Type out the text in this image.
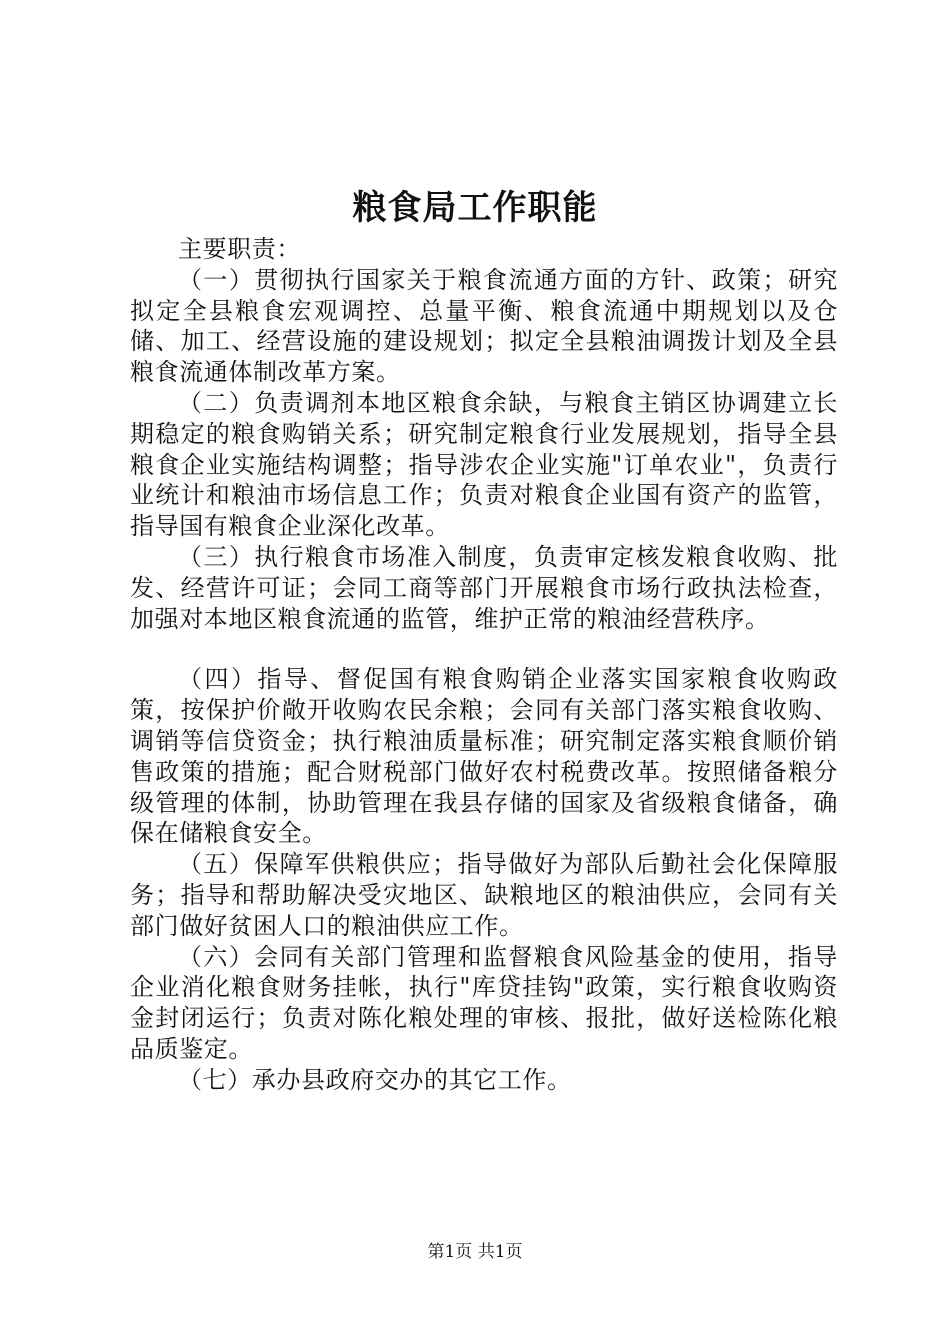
粮食局工作职能

主要职责：

（一）贯彻执行国家关于粮食流通方面的方针、政策；研究拟定全县粮食宏观调控、总量平衡、粮食流通中期规划以及仓储、加工、经营设施的建设规划；拟定全县粮油调拨计划及全县粮食流通体制改革方案。

（二）负责调剂本地区粮食余缺，与粮食主销区协调建立长期稳定的粮食购销关系；研究制定粮食行业发展规划，指导全县粮食企业实施结构调整；指导涉农企业实施"订单农业"，负责行业统计和粮油市场信息工作；负责对粮食企业国有资产的监管，指导国有粮食企业深化改革。

（三）执行粮食市场准入制度，负责审定核发粮食收购、批发、经营许可证；会同工商等部门开展粮食市场行政执法检查，加强对本地区粮食流通的监管，维护正常的粮油经营秩序。

（四）指导、督促国有粮食购销企业落实国家粮食收购政策，按保护价敞开收购农民余粮；会同有关部门落实粮食收购、调销等信贷资金；执行粮油质量标准；研究制定落实粮食顺价销售政策的措施；配合财税部门做好农村税费改革。按照储备粮分级管理的体制，协助管理在我县存储的国家及省级粮食储备，确保在储粮食安全。

（五）保障军供粮供应；指导做好为部队后勤社会化保障服务；指导和帮助解决受灾地区、缺粮地区的粮油供应，会同有关部门做好贫困人口的粮油供应工作。

（六）会同有关部门管理和监督粮食风险基金的使用，指导企业消化粮食财务挂帐，执行"库贷挂钩"政策，实行粮食收购资金封闭运行；负责对陈化粮处理的审核、报批，做好送检陈化粮品质鉴定。

（七）承办县政府交办的其它工作。

第1页 共1页
